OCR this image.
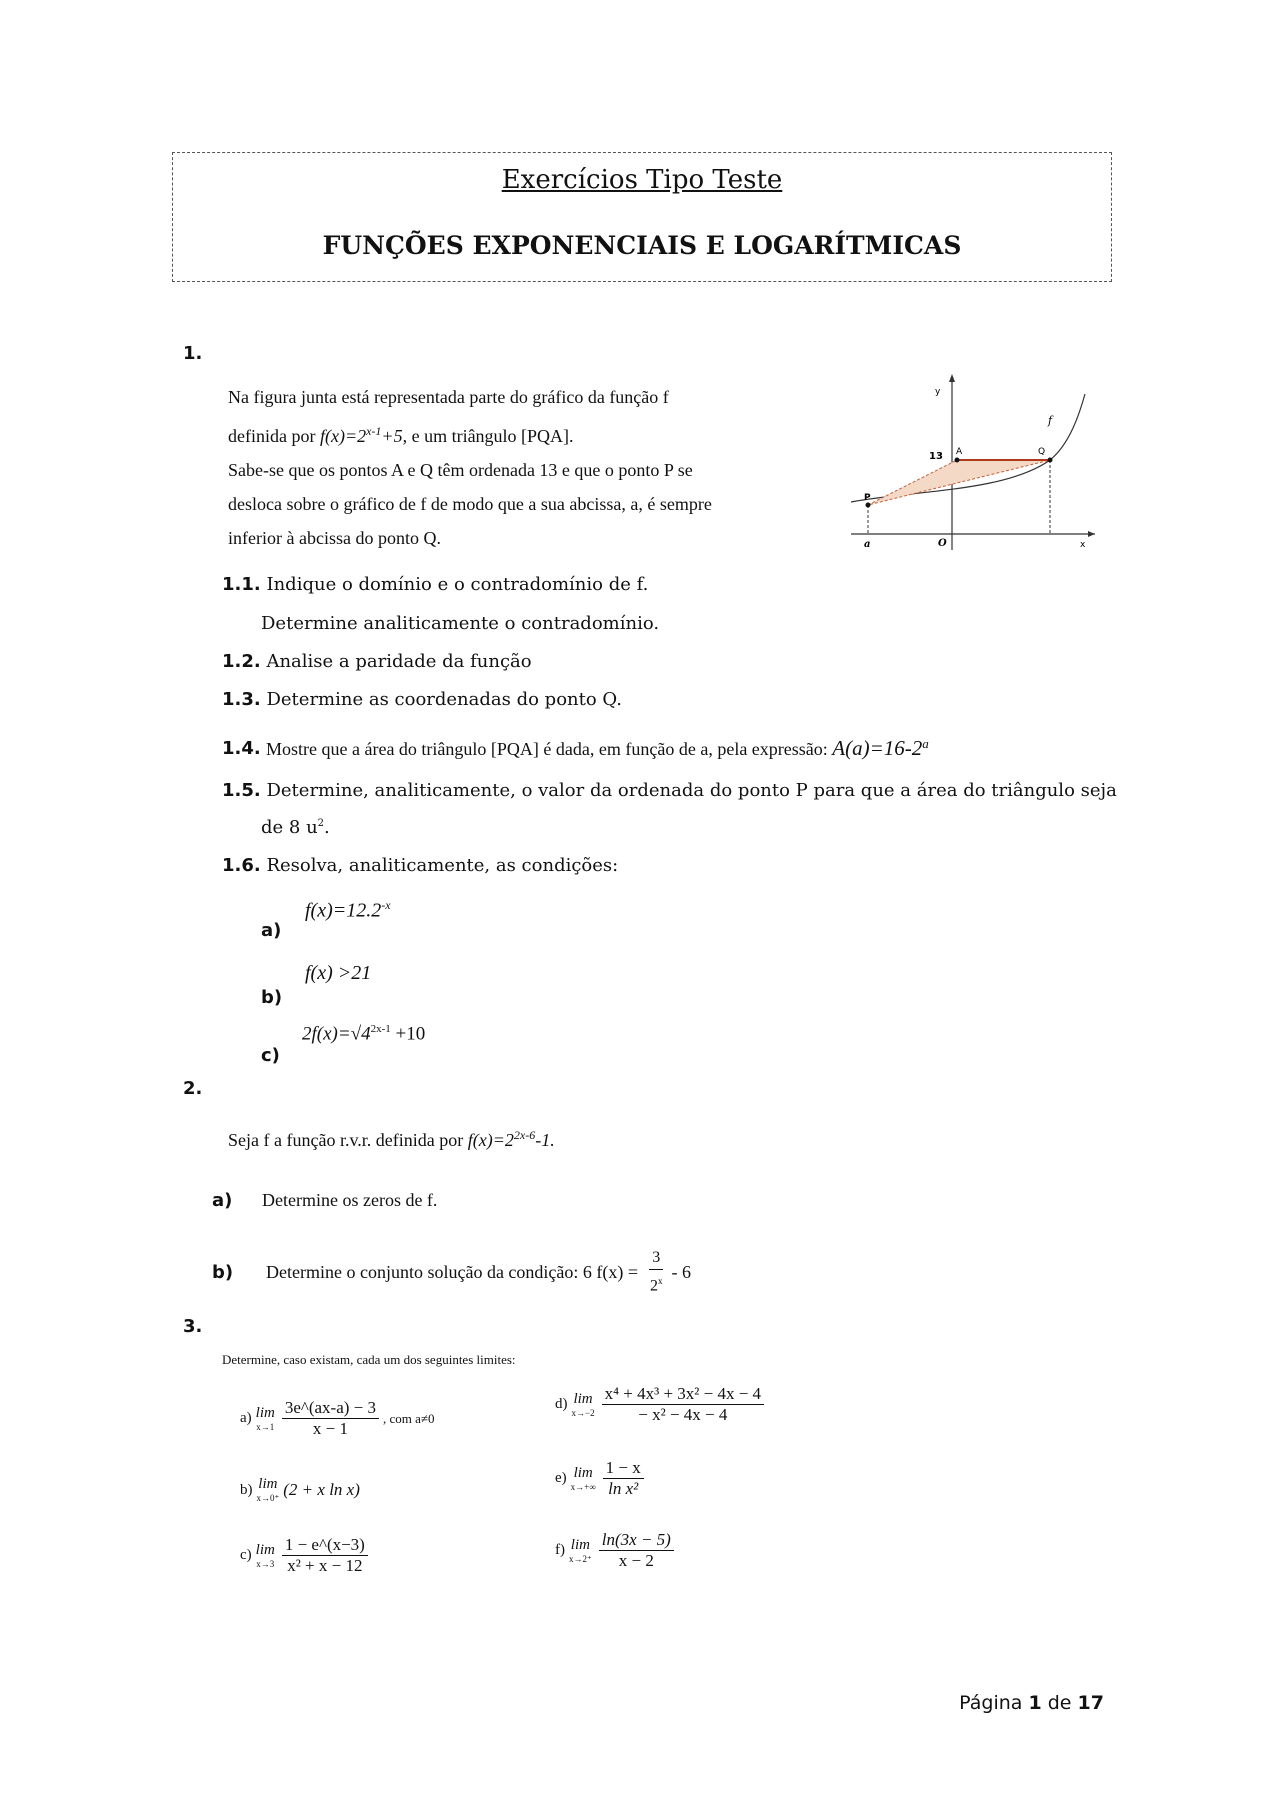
Exercícios Tipo Teste
FUNÇÕES EXPONENCIAIS E LOGARÍTMICAS
1.
Na figura junta está representada parte do gráfico da função f
definida por $f(x)=2^{x-1}+5$, e um triângulo [PQA].
Sabe-se que os pontos A e Q têm ordenada 13 e que o ponto P se
desloca sobre o gráfico de f de modo que a sua abcissa, a, é sempre
inferior à abcissa do ponto Q.
y
x
13 A	Q
P
a	O
f
1.1. Indique o domínio e o contradomínio de f.
Determine analiticamente o contradomínio.
1.2. Analise a paridade da função
1.3. Determine as coordenadas do ponto Q.
1.4. Mostre que a área do triângulo [PQA] é dada, em função de a, pela expressão: $A(a)=16-2^a$
1.5. Determine, analiticamente, o valor da ordenada do ponto P para que a área do triângulo seja
de 8 $u^2$.
1.6. Resolva, analiticamente, as condições:
a)
$f(x)=12.2^{-x}$
b)
f(x) >21
c)
$2f(x)=√4^{2x-1} +10$
2.
Seja f a função r.v.r. definida por $f(x)=2^{2x-6}-1$.
a) Determine os zeros de f.
b) Determine o conjunto solução da condição: 6 $f(x) = \frac{3}{2^x} - 6$
3.
Determine, caso existam, cada um dos seguintes limites:
a) lim
$x\to 1 \frac{3e\^{}(ax-a) - 3}{x - 1}$ , com a≠0
b) lim
x→0⁺ (2 + x ln x)
c) lim
$x\to 3 \frac{1 - e\^{}(x-3)}{\text{x² + x − 12}}$
d) lim
$x\to-2 \frac{\text{x⁴ + 4x³ + 3x² − 4x − 4}}{\text{− x² − 4x − 4}}$
e) lim
$x\to+\infty \frac{1 - x}{\text{ln x²}}$
f) lim
$x\to 2^+ \frac{\ln(3x - 5)}{x - 2}$
Página 1 de 17
